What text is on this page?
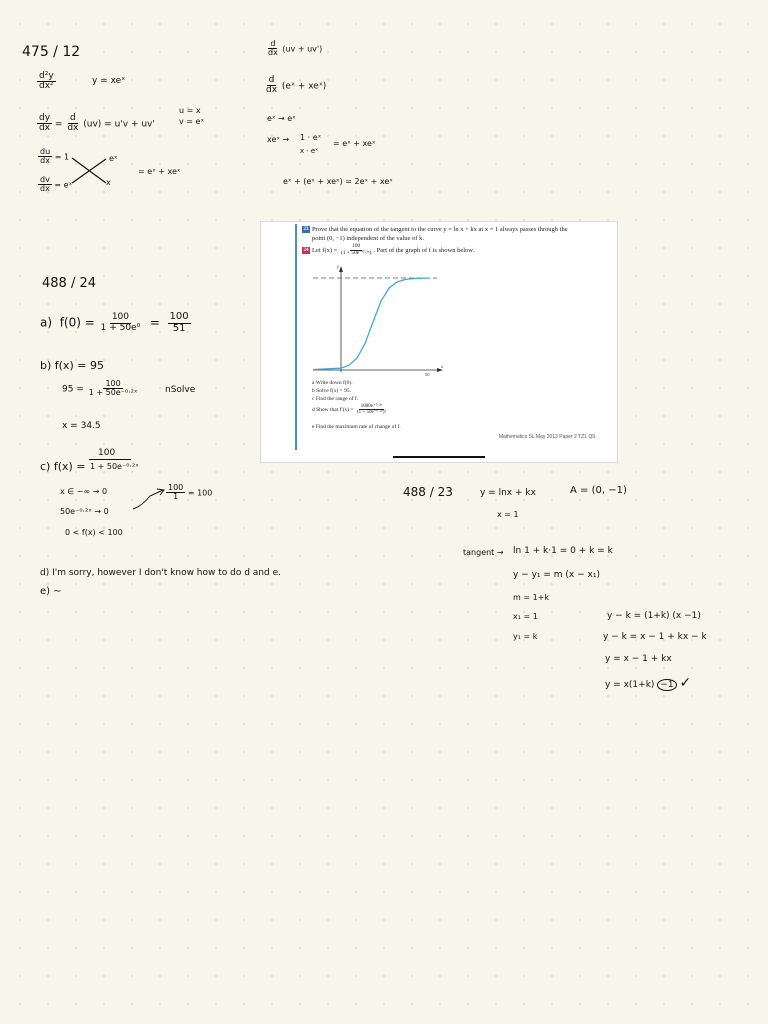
475 / 12
$\frac{\text{d²y}}{\text{dx²}}$	y = xeˣ
$\frac{dy}{dx} = \frac{d}{dx} (uv) = u'v + uv'$
u = x
v = eˣ
$\frac{du}{dx} = 1$
$\frac{dv}{dx}$ = eˣ
eˣ
x
= eˣ + xeˣ
$\frac{d}{dx} (uv + uv')$
$\frac{d}{dx}$ (eˣ + xeˣ)
eˣ → eˣ
xeˣ → 1 · eˣ
x · eˣ
= eˣ + xeˣ
eˣ + (eˣ + xeˣ) = 2eˣ + xeˣ
23 Prove that the equation of the tangent to the curve y = ln x + kx at x = 1 always passes through the
point (0, −1) independent of the value of k.
24 Let $f(x) = \frac{100}{\text{(1 + 50e⁻⁰·²ˣ)}}$ . Part of the graph of f is shown below.
y
x
50
a Write down f(0).
b Solve f(x) = 95.
c Find the range of f.
d Show that $f'(x) = \frac{\text{1000e⁻⁰·²ˣ}}{\text{(1 + 50e⁻⁰·²ˣ)²}}$
e Find the maximum rate of change of f.
Mathematics SL May 2013 Paper 2 TZ1 Q9
488 / 24
a) $f(0) = \frac{100}{\text{1 + 50e⁰}} = \frac{100}{51}$
b) f(x) = 95
$95 = \frac{100}{\text{1 + 50e⁻⁰·²ˣ}}$	nSolve
x = 34.5
100
c) f(x) = 1 + 50e⁻⁰·²ˣ
x ∈ −∞ → 0
50e⁻⁰·²ˣ → 0
$\frac{100}{1} = 100$
0 < f(x) < 100
d) I'm sorry, however I don't know how to do d and e.
e) ∼
488 / 23	y = lnx + kx	A = (0, −1)
x = 1
tangent → ln 1 + k·1 = 0 + k = k
y − y₁ = m (x − x₁)
m = 1+k
x₁ = 1
y₁ = k
y − k = (1+k) (x −1)
y − k = x − 1 + kx − k
y = x − 1 + kx
y = x(1+k) −1 ✓
